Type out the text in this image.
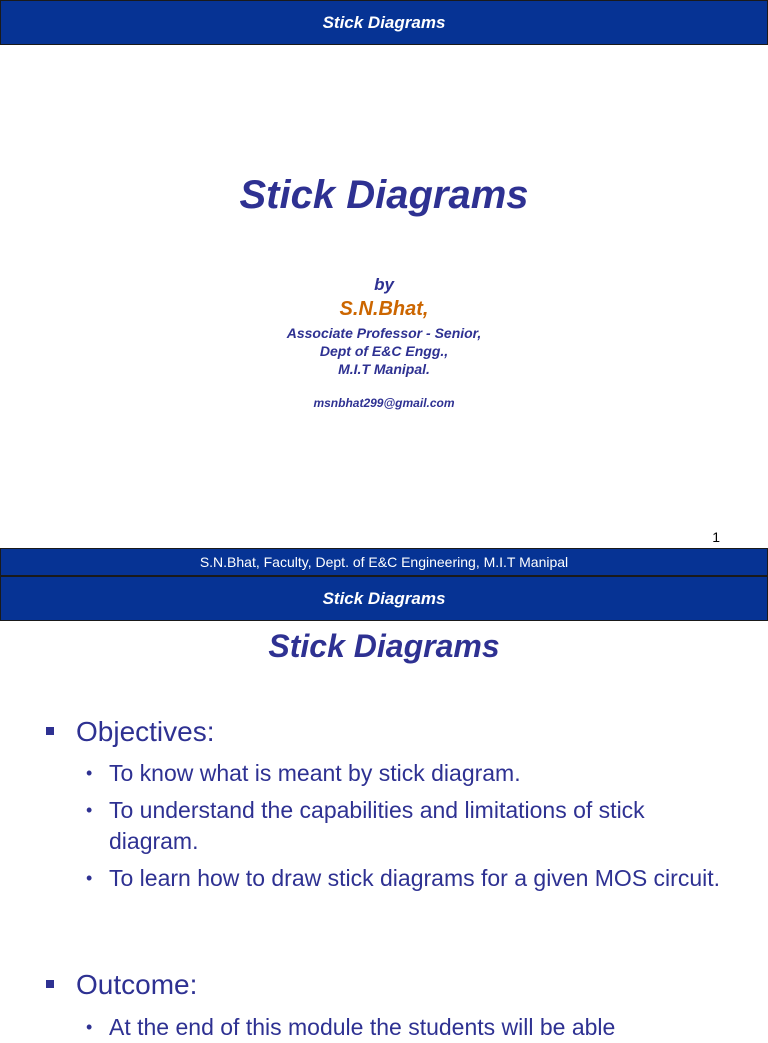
Stick Diagrams
Stick Diagrams
by
S.N.Bhat,
Associate Professor - Senior,
Dept of E&C Engg.,
M.I.T Manipal.
msnbhat299@gmail.com
1
S.N.Bhat, Faculty, Dept. of E&C Engineering, M.I.T Manipal
Stick Diagrams
Stick Diagrams
Objectives:
• To know what is meant by stick diagram.
• To understand the capabilities and limitations of stick diagram.
• To learn how to draw stick diagrams for a given MOS circuit.
Outcome:
• At the end of this module the students will be able
